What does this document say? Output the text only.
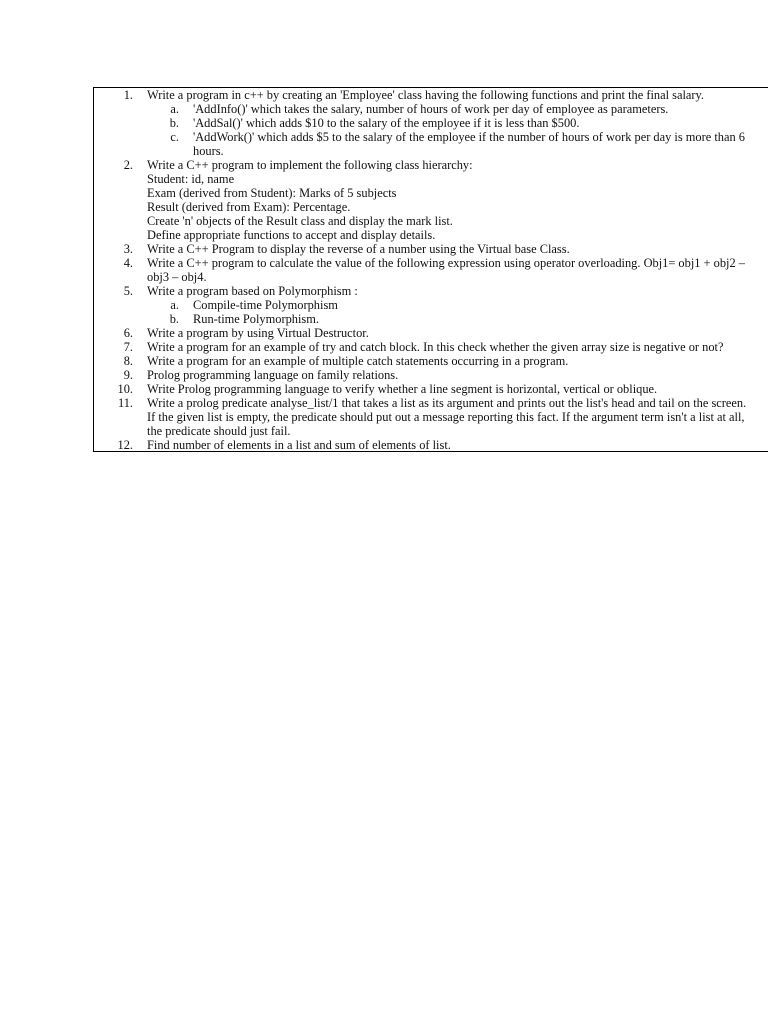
1. Write a program in c++ by creating an 'Employee' class having the following functions and print the final salary.
a. 'AddInfo()' which takes the salary, number of hours of work per day of employee as parameters.
b. 'AddSal()' which adds $10 to the salary of the employee if it is less than $500.
c. 'AddWork()' which adds $5 to the salary of the employee if the number of hours of work per day is more than 6
hours.
2. Write a C++ program to implement the following class hierarchy:
Student: id, name
Exam (derived from Student): Marks of 5 subjects
Result (derived from Exam): Percentage.
Create 'n' objects of the Result class and display the mark list.
Define appropriate functions to accept and display details.
3. Write a C++ Program to display the reverse of a number using the Virtual base Class.
4. Write a C++ program to calculate the value of the following expression using operator overloading. Obj1= obj1 + obj2 –
obj3 – obj4.
5. Write a program based on Polymorphism :
a. Compile-time Polymorphism
b. Run-time Polymorphism.
6. Write a program by using Virtual Destructor.
7. Write a program for an example of try and catch block. In this check whether the given array size is negative or not?
8. Write a program for an example of multiple catch statements occurring in a program.
9. Prolog programming language on family relations.
10. Write Prolog programming language to verify whether a line segment is horizontal, vertical or oblique.
11. Write a prolog predicate analyse_list/1 that takes a list as its argument and prints out the list's head and tail on the screen.
If the given list is empty, the predicate should put out a message reporting this fact. If the argument term isn't a list at all,
the predicate should just fail.
12. Find number of elements in a list and sum of elements of list.
